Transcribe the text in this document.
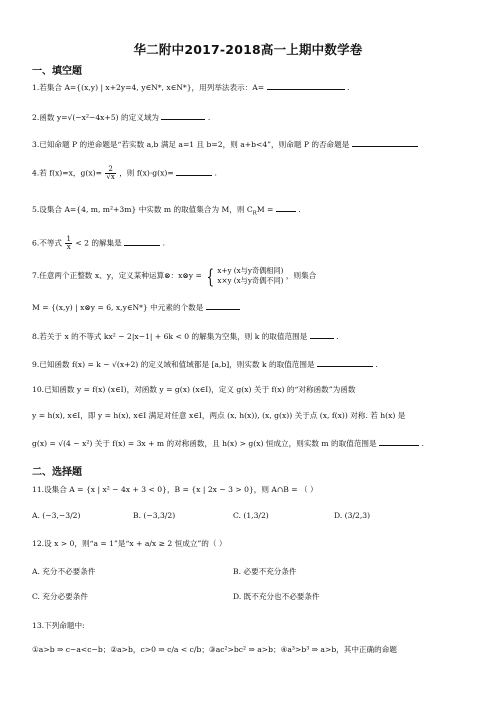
华二附中2017-2018高一上期中数学卷
一、填空题
1.若集合 A={(x,y) | x+2y=4, y∈N*, x∈N*}，用列举法表示：A=	.
2.函数 y=√(−x²−4x+5) 的定义域为	.
3.已知命题 P 的逆命题是“若实数 a,b 满足 a=1 且 b=2，则 a+b<4”，则命题 P 的否命题是
4.若 f(x)=x，$g(x)= \frac{2}{√x}$ ，则 f(x)·g(x)=	.
5.设集合 A={4, m, m²+3m} 中实数 m 的取值集合为 M，则 $C_RM$ =	.
6.不等式 $\frac{1}{x} < 2$ 的解集是	.
7.任意两个正整数 x、y，定义某种运算⊗：x⊗y = { x+y (x与y奇偶相同)
x×y (x与y奇偶不同)
，则集合
M = {(x,y) | x⊗y = 6, x,y∈N*} 中元素的个数是
8.若关于 x 的不等式 kx² − 2|x−1| + 6k < 0 的解集为空集，则 k 的取值范围是	.
9.已知函数 f(x) = k − √(x+2) 的定义域和值域都是 [a,b]，则实数 k 的取值范围是	.
10.已知函数 y = f(x) (x∈I)，对函数 y = g(x) (x∈I)，定义 g(x) 关于 f(x) 的“对称函数”为函数
y = h(x), x∈I，即 y = h(x), x∈I 满足对任意 x∈I，两点 (x, h(x)), (x, g(x)) 关于点 (x, f(x)) 对称. 若 h(x) 是
g(x) = √(4 − x²) 关于 f(x) = 3x + m 的对称函数，且 h(x) > g(x) 恒成立，则实数 m 的取值范围是	.
二、选择题
11.设集合 A = {x | x² − 4x + 3 < 0}，B = {x | 2x − 3 > 0}，则 A∩B = （ ）
A. (−3,−3/2)	B. (−3,3/2)	C. (1,3/2)	D. (3/2,3)
12.设 x > 0，则“a = 1”是“x + a/x ≥ 2 恒成立”的（ ）
A. 充分不必要条件	B. 必要不充分条件
C. 充分必要条件	D. 既不充分也不必要条件
13.下列命题中:
①a>b ⇒ c−a<c−b；②a>b，c>0 ⇒ c/a < c/b；③ac²>bc² ⇒ a>b；④a³>b³ ⇒ a>b，其中正确的命题
